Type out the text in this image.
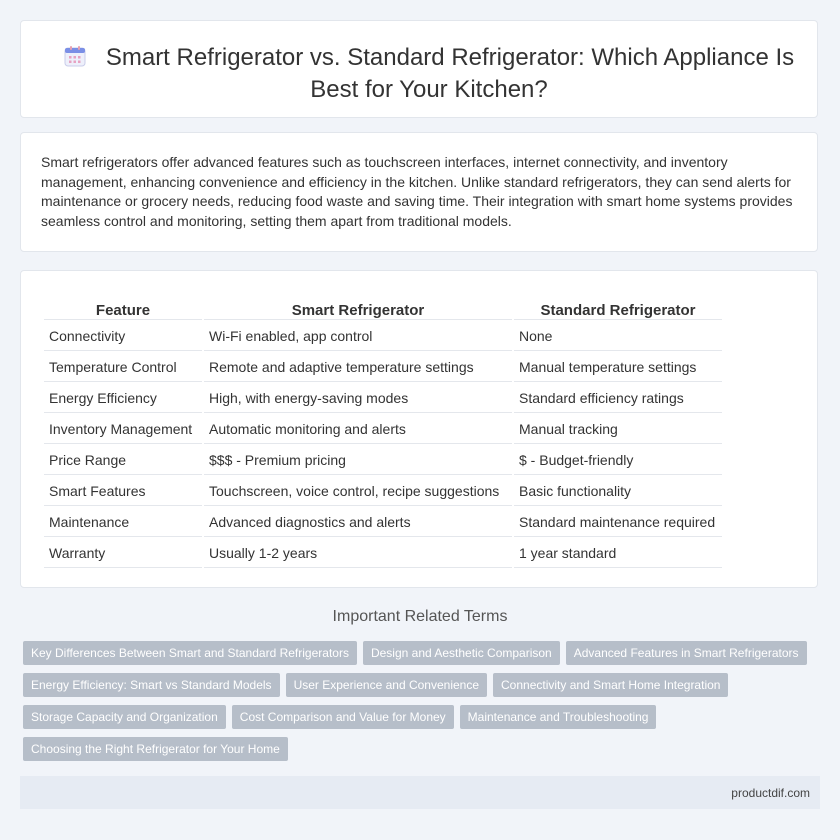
Smart Refrigerator vs. Standard Refrigerator: Which Appliance Is Best for Your Kitchen?
Smart refrigerators offer advanced features such as touchscreen interfaces, internet connectivity, and inventory management, enhancing convenience and efficiency in the kitchen. Unlike standard refrigerators, they can send alerts for maintenance or grocery needs, reducing food waste and saving time. Their integration with smart home systems provides seamless control and monitoring, setting them apart from traditional models.
Feature	Smart Refrigerator	Standard Refrigerator
Connectivity	Wi-Fi enabled, app control	None
Temperature Control	Remote and adaptive temperature settings	Manual temperature settings
Energy Efficiency	High, with energy-saving modes	Standard efficiency ratings
Inventory Management	Automatic monitoring and alerts	Manual tracking
Price Range	$$$ - Premium pricing	$ - Budget-friendly
Smart Features	Touchscreen, voice control, recipe suggestions	Basic functionality
Maintenance	Advanced diagnostics and alerts	Standard maintenance required
Warranty	Usually 1-2 years	1 year standard
Important Related Terms
Key Differences Between Smart and Standard Refrigerators	Design and Aesthetic Comparison	Advanced Features in Smart Refrigerators
Energy Efficiency: Smart vs Standard Models	User Experience and Convenience	Connectivity and Smart Home Integration
Storage Capacity and Organization	Cost Comparison and Value for Money	Maintenance and Troubleshooting
Choosing the Right Refrigerator for Your Home
productdif.com
